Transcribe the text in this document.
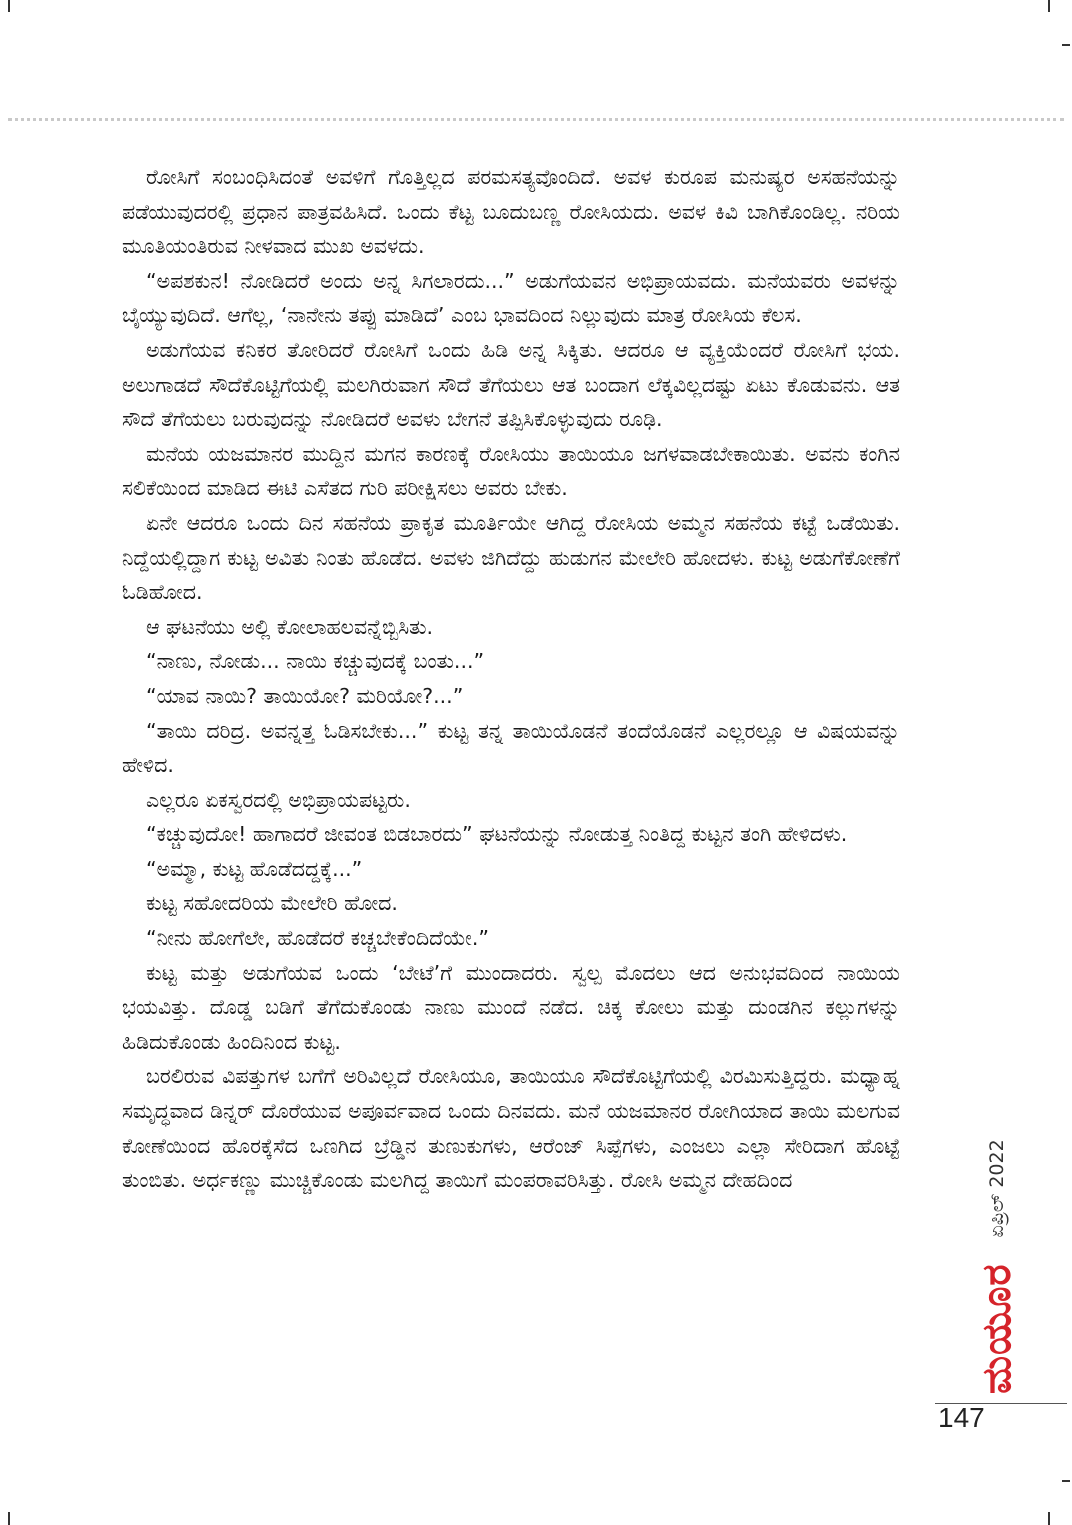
ರೋಸಿಗೆ ಸಂಬಂಧಿಸಿದಂತೆ ಅವಳಿಗೆ ಗೊತ್ತಿಲ್ಲದ ಪರಮಸತ್ಯವೊಂದಿದೆ. ಅವಳ ಕುರೂಪ ಮನುಷ್ಯರ ಅಸಹನೆಯನ್ನು ಪಡೆಯುವುದರಲ್ಲಿ ಪ್ರಧಾನ ಪಾತ್ರವಹಿಸಿದೆ. ಒಂದು ಕೆಟ್ಟ ಬೂದುಬಣ್ಣ ರೋಸಿಯದು. ಅವಳ ಕಿವಿ ಬಾಗಿಕೊಂಡಿಲ್ಲ. ನರಿಯ ಮೂತಿಯಂತಿರುವ ನೀಳವಾದ ಮುಖ ಅವಳದು.

“ಅಪಶಕುನ! ನೋಡಿದರೆ ಅಂದು ಅನ್ನ ಸಿಗಲಾರದು...” ಅಡುಗೆಯವನ ಅಭಿಪ್ರಾಯವದು. ಮನೆಯವರು ಅವಳನ್ನು ಬೈಯ್ಯುವುದಿದೆ. ಆಗೆಲ್ಲ, ‘ನಾನೇನು ತಪ್ಪು ಮಾಡಿದೆ’ ಎಂಬ ಭಾವದಿಂದ ನಿಲ್ಲುವುದು ಮಾತ್ರ ರೋಸಿಯ ಕೆಲಸ.

ಅಡುಗೆಯವ ಕನಿಕರ ತೋರಿದರೆ ರೋಸಿಗೆ ಒಂದು ಹಿಡಿ ಅನ್ನ ಸಿಕ್ಕಿತು. ಆದರೂ ಆ ವ್ಯಕ್ತಿಯೆಂದರೆ ರೋಸಿಗೆ ಭಯ. ಅಲುಗಾಡದೆ ಸೌದೆಕೊಟ್ಟಿಗೆಯಲ್ಲಿ ಮಲಗಿರುವಾಗ ಸೌದೆ ತೆಗೆಯಲು ಆತ ಬಂದಾಗ ಲೆಕ್ಕವಿಲ್ಲದಷ್ಟು ಏಟು ಕೊಡುವನು. ಆತ ಸೌದೆ ತೆಗೆಯಲು ಬರುವುದನ್ನು ನೋಡಿದರೆ ಅವಳು ಬೇಗನೆ ತಪ್ಪಿಸಿಕೊಳ್ಳುವುದು ರೂಢಿ.

ಮನೆಯ ಯಜಮಾನರ ಮುದ್ದಿನ ಮಗನ ಕಾರಣಕ್ಕೆ ರೋಸಿಯು ತಾಯಿಯೂ ಜಗಳವಾಡಬೇಕಾಯಿತು. ಅವನು ಕಂಗಿನ ಸಲಿಕೆಯಿಂದ ಮಾಡಿದ ಈಟಿ ಎಸೆತದ ಗುರಿ ಪರೀಕ್ಷಿಸಲು ಅವರು ಬೇಕು.

ಏನೇ ಆದರೂ ಒಂದು ದಿನ ಸಹನೆಯ ಪ್ರಾಕೃತ ಮೂರ್ತಿಯೇ ಆಗಿದ್ದ ರೋಸಿಯ ಅಮ್ಮನ ಸಹನೆಯ ಕಟ್ಟೆ ಒಡೆಯಿತು. ನಿದ್ದೆಯಲ್ಲಿದ್ದಾಗ ಕುಟ್ಟ ಅವಿತು ನಿಂತು ಹೊಡೆದ. ಅವಳು ಜಿಗಿದೆದ್ದು ಹುಡುಗನ ಮೇಲೇರಿ ಹೋದಳು. ಕುಟ್ಟ ಅಡುಗೆಕೋಣೆಗೆ ಓಡಿಹೋದ.

ಆ ಘಟನೆಯು ಅಲ್ಲಿ ಕೋಲಾಹಲವನ್ನೆಬ್ಬಿಸಿತು.

“ನಾಣು, ನೋಡು... ನಾಯಿ ಕಚ್ಚುವುದಕ್ಕೆ ಬಂತು...”

“ಯಾವ ನಾಯಿ? ತಾಯಿಯೋ? ಮರಿಯೋ?...”

“ತಾಯಿ ದರಿದ್ರ. ಅವನ್ನತ್ತ ಓಡಿಸಬೇಕು...” ಕುಟ್ಟ ತನ್ನ ತಾಯಿಯೊಡನೆ ತಂದೆಯೊಡನೆ ಎಲ್ಲರಲ್ಲೂ ಆ ವಿಷಯವನ್ನು ಹೇಳಿದ.

ಎಲ್ಲರೂ ಏಕಸ್ವರದಲ್ಲಿ ಅಭಿಪ್ರಾಯಪಟ್ಟರು.

“ಕಚ್ಚುವುದೋ! ಹಾಗಾದರೆ ಜೀವಂತ ಬಿಡಬಾರದು” ಘಟನೆಯನ್ನು ನೋಡುತ್ತ ನಿಂತಿದ್ದ ಕುಟ್ಟನ ತಂಗಿ ಹೇಳಿದಳು.

“ಅಮ್ಮಾ, ಕುಟ್ಟ ಹೊಡೆದದ್ದಕ್ಕೆ...”

ಕುಟ್ಟ ಸಹೋದರಿಯ ಮೇಲೇರಿ ಹೋದ.

“ನೀನು ಹೋಗೆಲೇ, ಹೊಡೆದರೆ ಕಚ್ಚಬೇಕೆಂದಿದೆಯೇ.”

ಕುಟ್ಟ ಮತ್ತು ಅಡುಗೆಯವ ಒಂದು ‘ಬೇಟೆ’ಗೆ ಮುಂದಾದರು. ಸ್ವಲ್ಪ ಮೊದಲು ಆದ ಅನುಭವದಿಂದ ನಾಯಿಯ ಭಯವಿತ್ತು. ದೊಡ್ಡ ಬಡಿಗೆ ತೆಗೆದುಕೊಂಡು ನಾಣು ಮುಂದೆ ನಡೆದ. ಚಿಕ್ಕ ಕೋಲು ಮತ್ತು ದುಂಡಗಿನ ಕಲ್ಲುಗಳನ್ನು ಹಿಡಿದುಕೊಂಡು ಹಿಂದಿನಿಂದ ಕುಟ್ಟ.

ಬರಲಿರುವ ವಿಪತ್ತುಗಳ ಬಗೆಗೆ ಅರಿವಿಲ್ಲದೆ ರೋಸಿಯೂ, ತಾಯಿಯೂ ಸೌದೆಕೊಟ್ಟಿಗೆಯಲ್ಲಿ ವಿರಮಿಸುತ್ತಿದ್ದರು. ಮಧ್ಯಾಹ್ನ ಸಮೃದ್ಧವಾದ ಡಿನ್ನರ್ ದೊರೆಯುವ ಅಪೂರ್ವವಾದ ಒಂದು ದಿನವದು. ಮನೆ ಯಜಮಾನರ ರೋಗಿಯಾದ ತಾಯಿ ಮಲಗುವ ಕೋಣೆಯಿಂದ ಹೊರಕ್ಕೆಸೆದ ಒಣಗಿದ ಬ್ರೆಡ್ಡಿನ ತುಣುಕುಗಳು, ಆರೆಂಜ್ ಸಿಪ್ಪೆಗಳು, ಎಂಜಲು ಎಲ್ಲಾ ಸೇರಿದಾಗ ಹೊಟ್ಟೆ ತುಂಬಿತು. ಅರ್ಧಕಣ್ಣು ಮುಚ್ಚಿಕೊಂಡು ಮಲಗಿದ್ದ ತಾಯಿಗೆ ಮಂಪರಾವರಿಸಿತ್ತು. ರೋಸಿ ಅಮ್ಮನ ದೇಹದಿಂದ

ಮಯೂರ
ಏಪ್ರಿಲ್ 2022
147
